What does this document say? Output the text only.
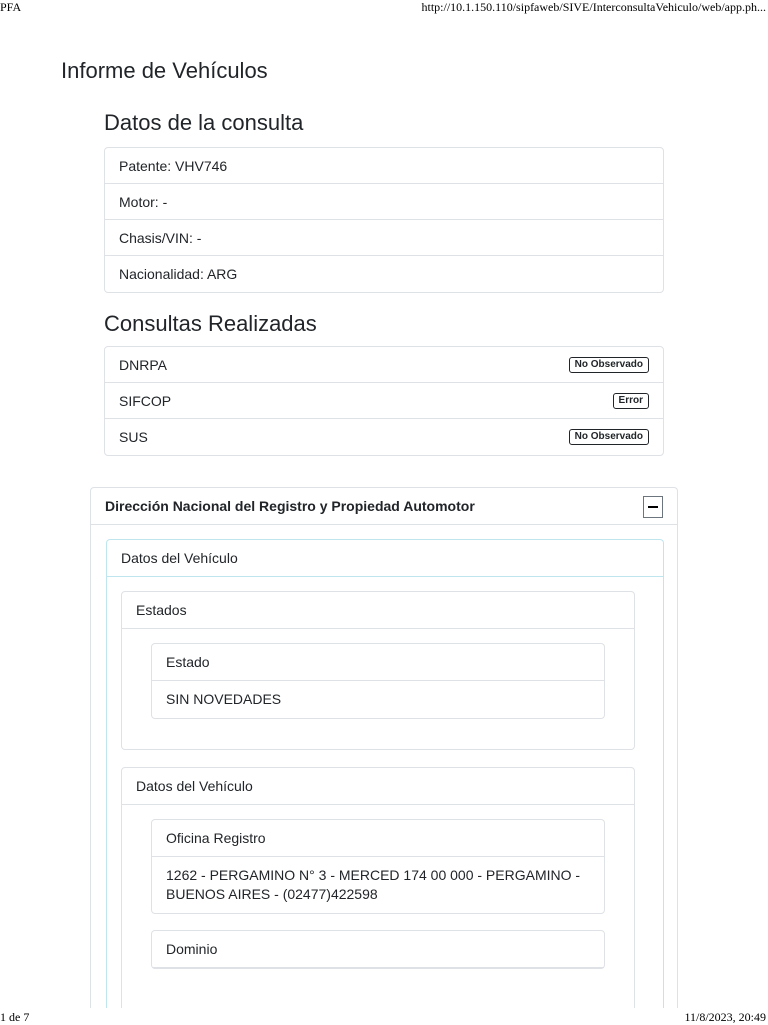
PFA	http://10.1.150.110/sipfaweb/SIVE/InterconsultaVehiculo/web/app.ph...
Informe de Vehículos
Datos de la consulta
Patente: VHV746
Motor: -
Chasis/VIN: -
Nacionalidad: ARG
Consultas Realizadas
DNRPA	No Observado
SIFCOP	Error
SUS	No Observado
Dirección Nacional del Registro y Propiedad Automotor
Datos del Vehículo
Estados
Estado
SIN NOVEDADES
Datos del Vehículo
Oficina Registro
1262 - PERGAMINO N° 3 - MERCED 174 00 000 - PERGAMINO -
BUENOS AIRES - (02477)422598
Dominio
1 de 7	11/8/2023, 20:49
